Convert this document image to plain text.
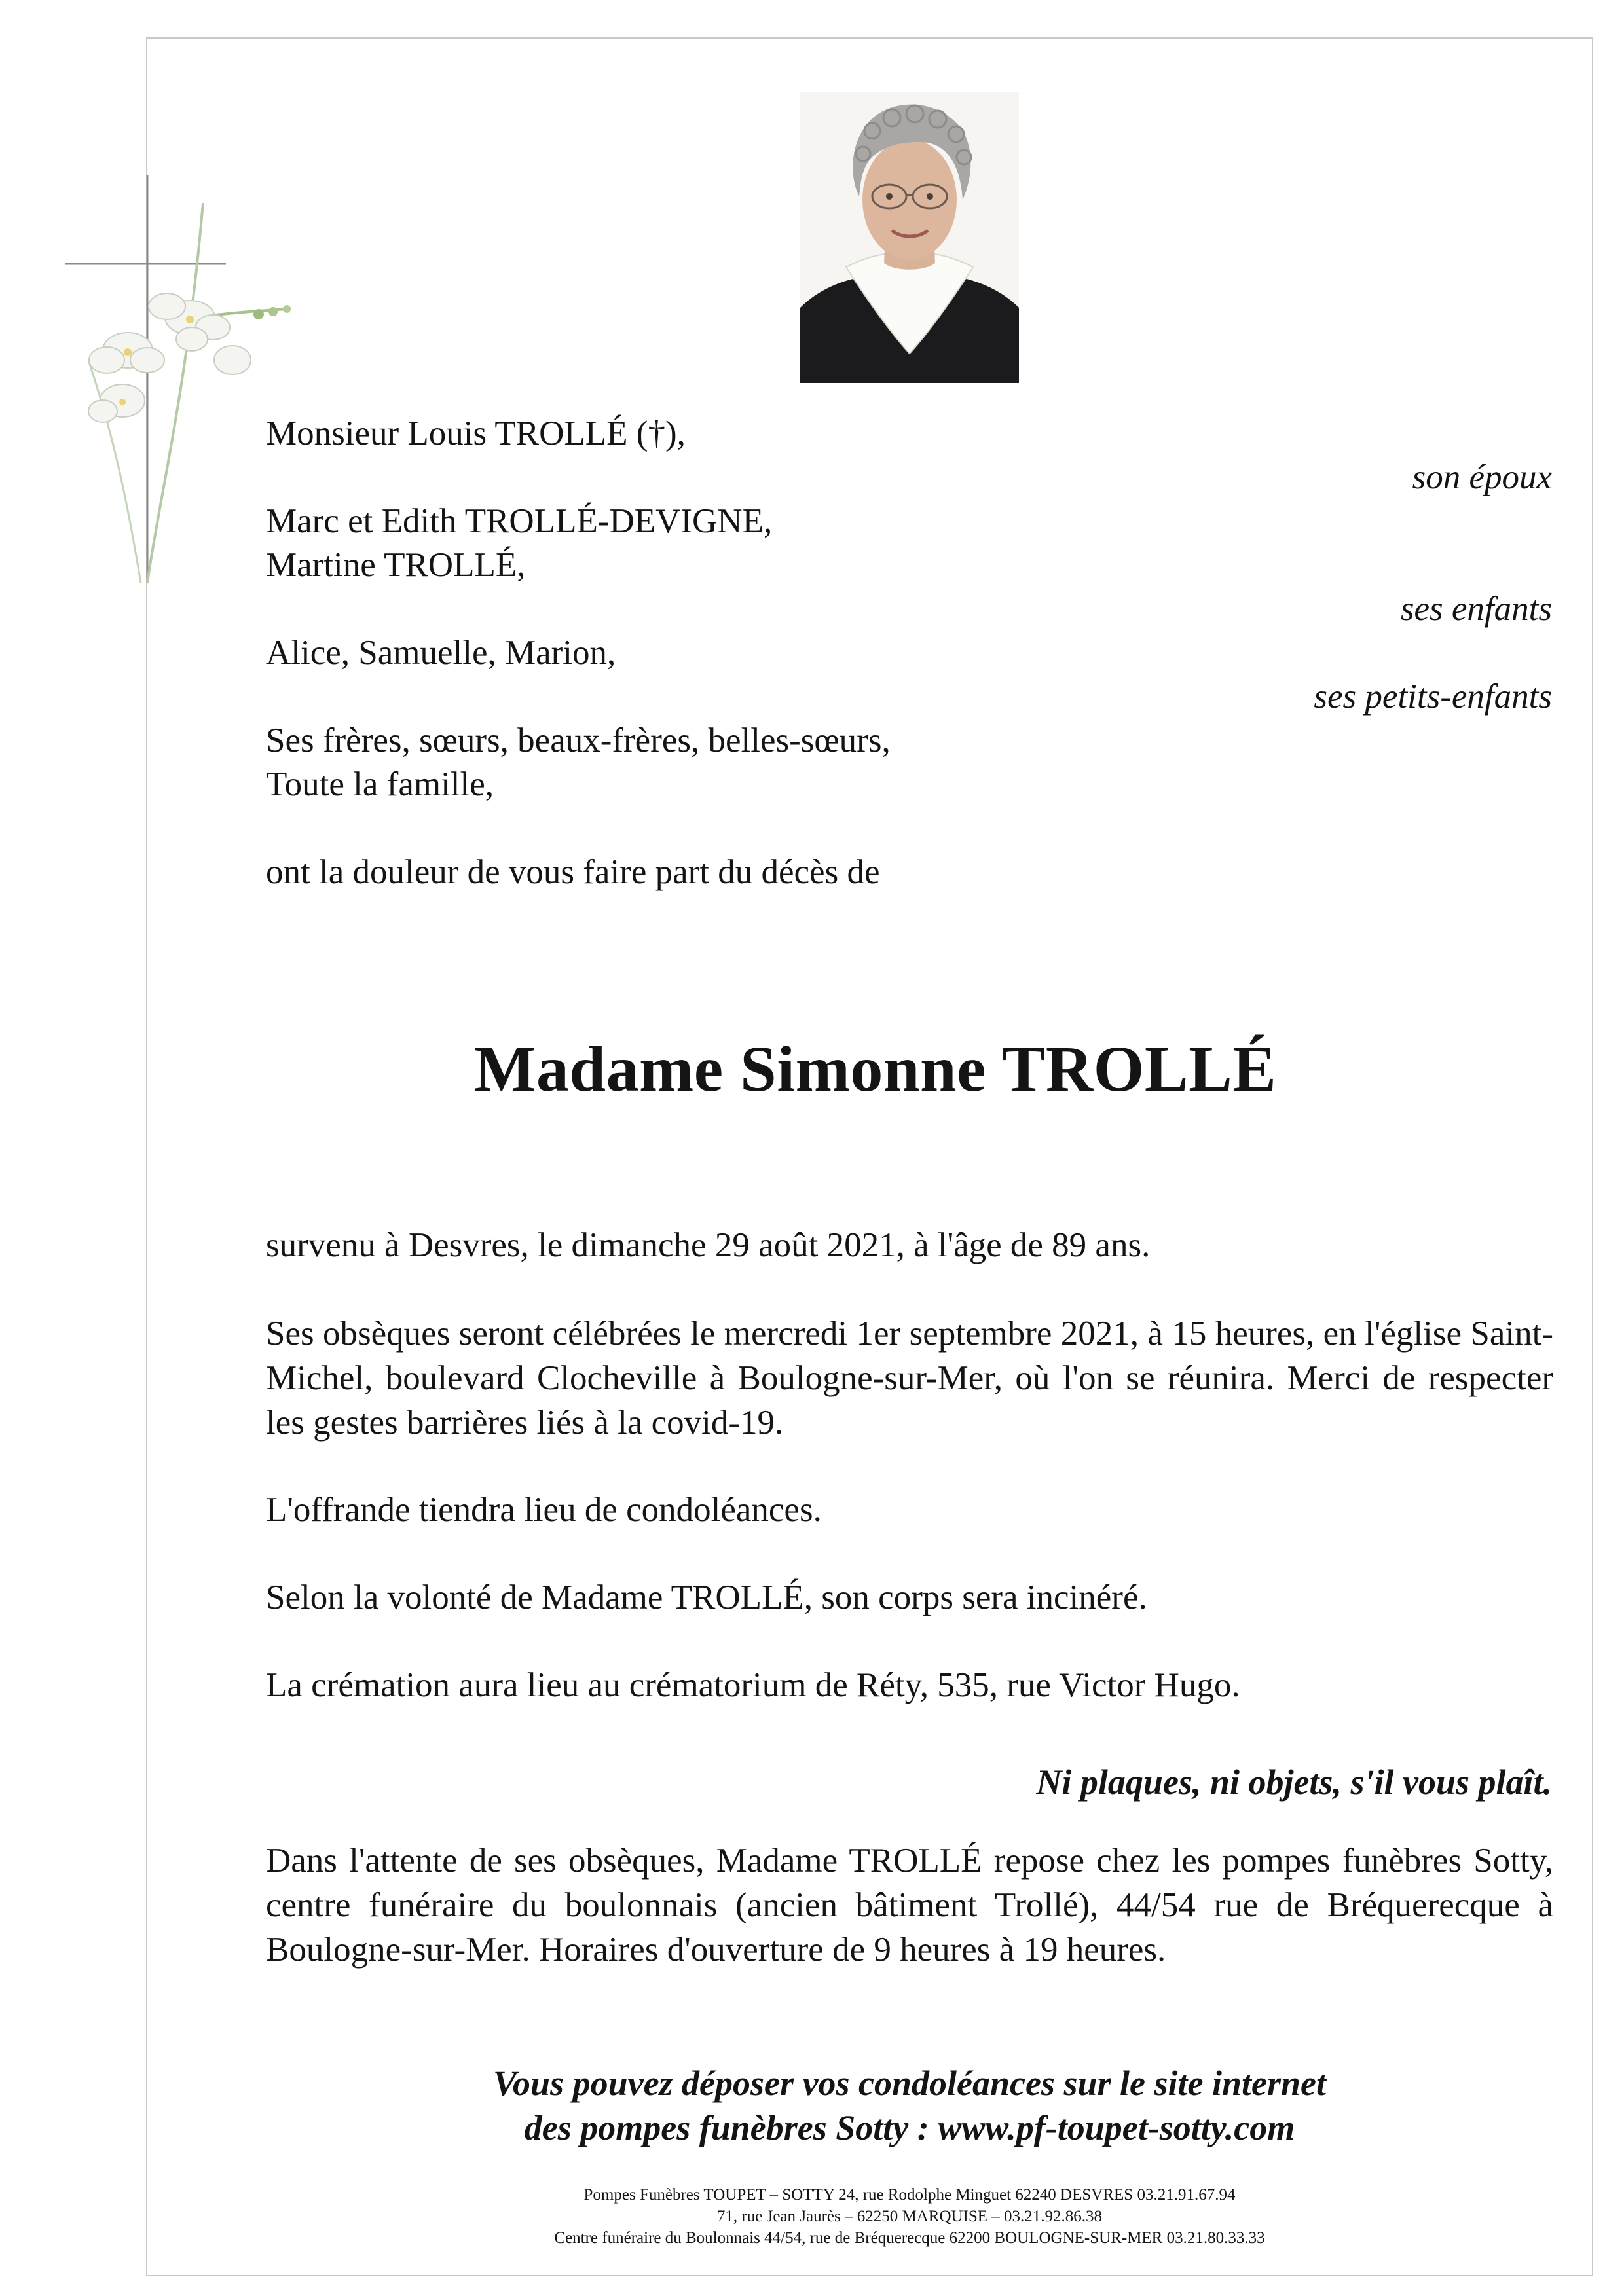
Monsieur Louis TROLLÉ (†),
son époux
Marc et Edith TROLLÉ-DEVIGNE,
Martine TROLLÉ,
ses enfants
Alice, Samuelle, Marion,
ses petits-enfants
Ses frères, sœurs, beaux-frères, belles-sœurs,
Toute la famille,
ont la douleur de vous faire part du décès de
Madame Simonne TROLLÉ
survenu à Desvres, le dimanche 29 août 2021, à l'âge de 89 ans.
Ses obsèques seront célébrées le mercredi 1er septembre 2021, à 15 heures, en l'église Saint-Michel, boulevard Clocheville à Boulogne-sur-Mer, où l'on se réunira. Merci de respecter les gestes barrières liés à la covid-19.
L'offrande tiendra lieu de condoléances.
Selon la volonté de Madame TROLLÉ, son corps sera incinéré.
La crémation aura lieu au crématorium de Réty, 535, rue Victor Hugo.
Ni plaques, ni objets, s'il vous plaît.
Dans l'attente de ses obsèques, Madame TROLLÉ repose chez les pompes funèbres Sotty, centre funéraire du boulonnais (ancien bâtiment Trollé), 44/54 rue de Bréquerecque à Boulogne-sur-Mer. Horaires d'ouverture de 9 heures à 19 heures.
Vous pouvez déposer vos condoléances sur le site internet
des pompes funèbres Sotty : www.pf-toupet-sotty.com
Pompes Funèbres TOUPET – SOTTY 24, rue Rodolphe Minguet 62240 DESVRES 03.21.91.67.94
71, rue Jean Jaurès – 62250 MARQUISE – 03.21.92.86.38
Centre funéraire du Boulonnais 44/54, rue de Bréquerecque 62200 BOULOGNE-SUR-MER 03.21.80.33.33
